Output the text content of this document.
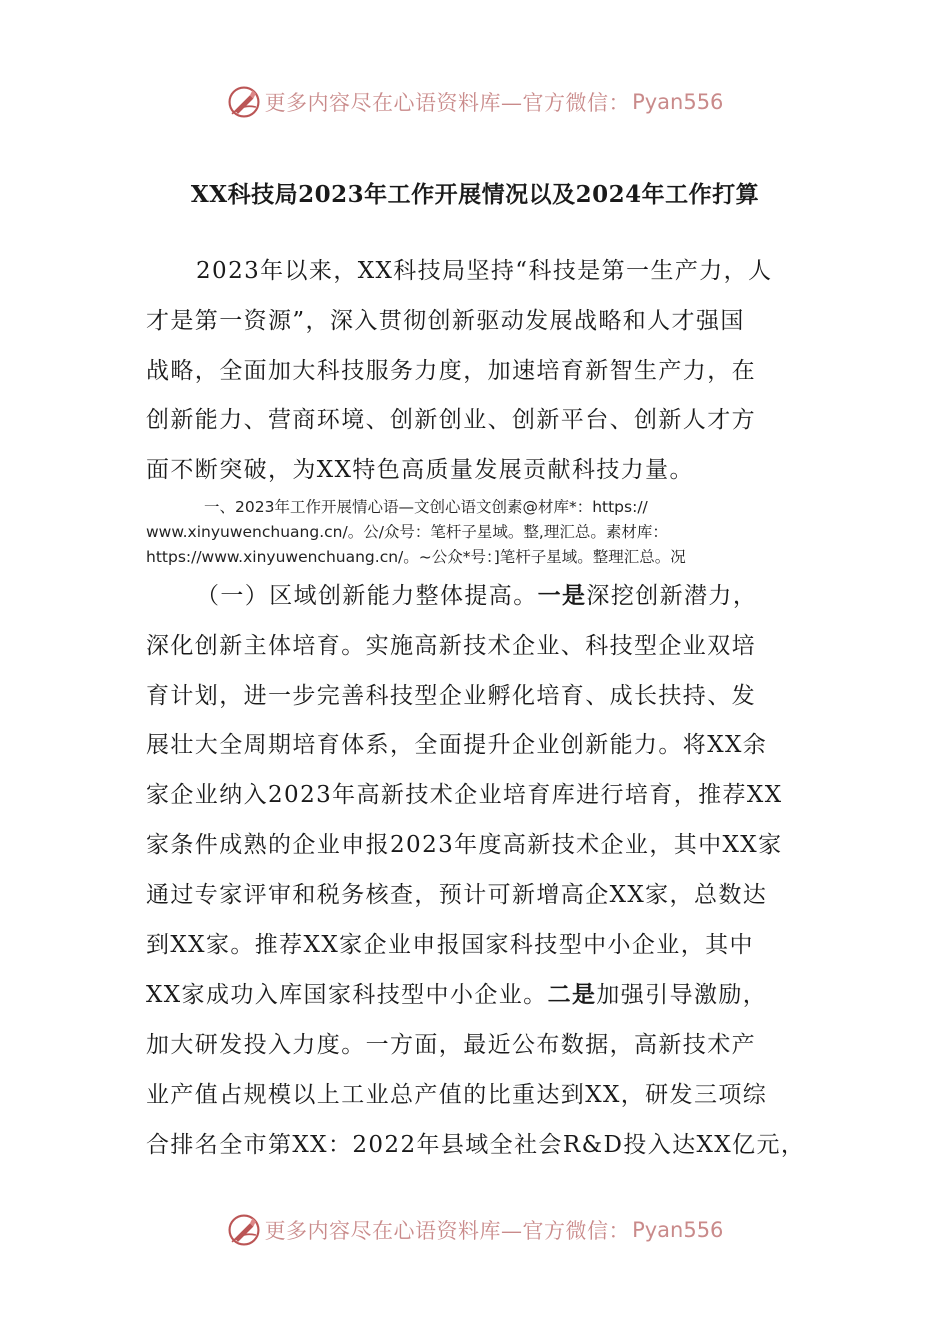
更多内容尽在心语资料库—官方微信： Pyan556
XX科技局2023年工作开展情况以及2024年工作打算
2023年以来，XX科技局坚持“科技是第一生产力，人
才是第一资源”，深入贯彻创新驱动发展战略和人才强国
战略，全面加大科技服务力度，加速培育新智生产力，在
创新能力、营商环境、创新创业、创新平台、创新人才方
面不断突破，为XX特色高质量发展贡献科技力量。
一、2023年工作开展情心语—文创心语文创素@材库*：https://
www.xinyuwenchuang.cn/。公/众号：笔杆子星域。整,理汇总。素材库：
https://www.xinyuwenchuang.cn/。~公众*号：]笔杆子星域。整理汇总。况
（一）区域创新能力整体提高。一是深挖创新潜力，
深化创新主体培育。实施高新技术企业、科技型企业双培
育计划，进一步完善科技型企业孵化培育、成长扶持、发
展壮大全周期培育体系，全面提升企业创新能力。将XX余
家企业纳入2023年高新技术企业培育库进行培育，推荐XX
家条件成熟的企业申报2023年度高新技术企业，其中XX家
通过专家评审和税务核查，预计可新增高企XX家，总数达
到XX家。推荐XX家企业申报国家科技型中小企业，其中
XX家成功入库国家科技型中小企业。二是加强引导激励，
加大研发投入力度。一方面，最近公布数据，高新技术产
业产值占规模以上工业总产值的比重达到XX，研发三项综
合排名全市第XX：2022年县域全社会R&D投入达XX亿元，
更多内容尽在心语资料库—官方微信： Pyan556
